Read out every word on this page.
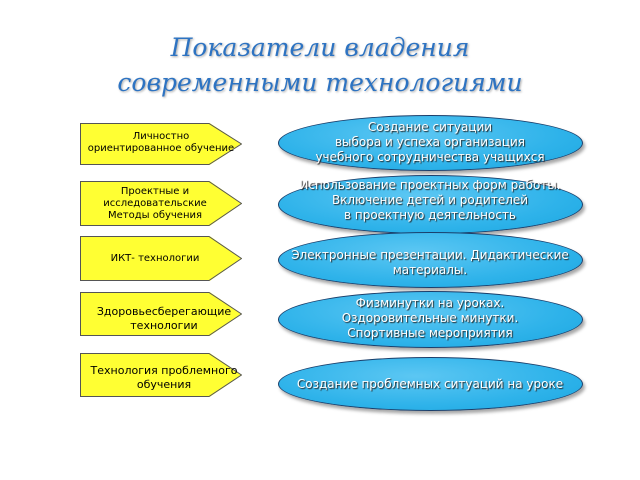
Показатели владения
современными технологиями
Личностно
ориентированное обучение
Проектные и
исследовательские
Методы обучения
ИКТ- технологии
Здоровьесберегающие
технологии
Технология проблемного
обучения
Создание ситуации
выбора и успеха организация
учебного сотрудничества учащихся
Использование проектных форм работы.
Включение детей и родителей
в проектную деятельность
Электронные презентации. Дидактические
материалы.
Физминутки на уроках.
Оздоровительные минутки.
Спортивные мероприятия
Создание проблемных ситуаций на уроке
